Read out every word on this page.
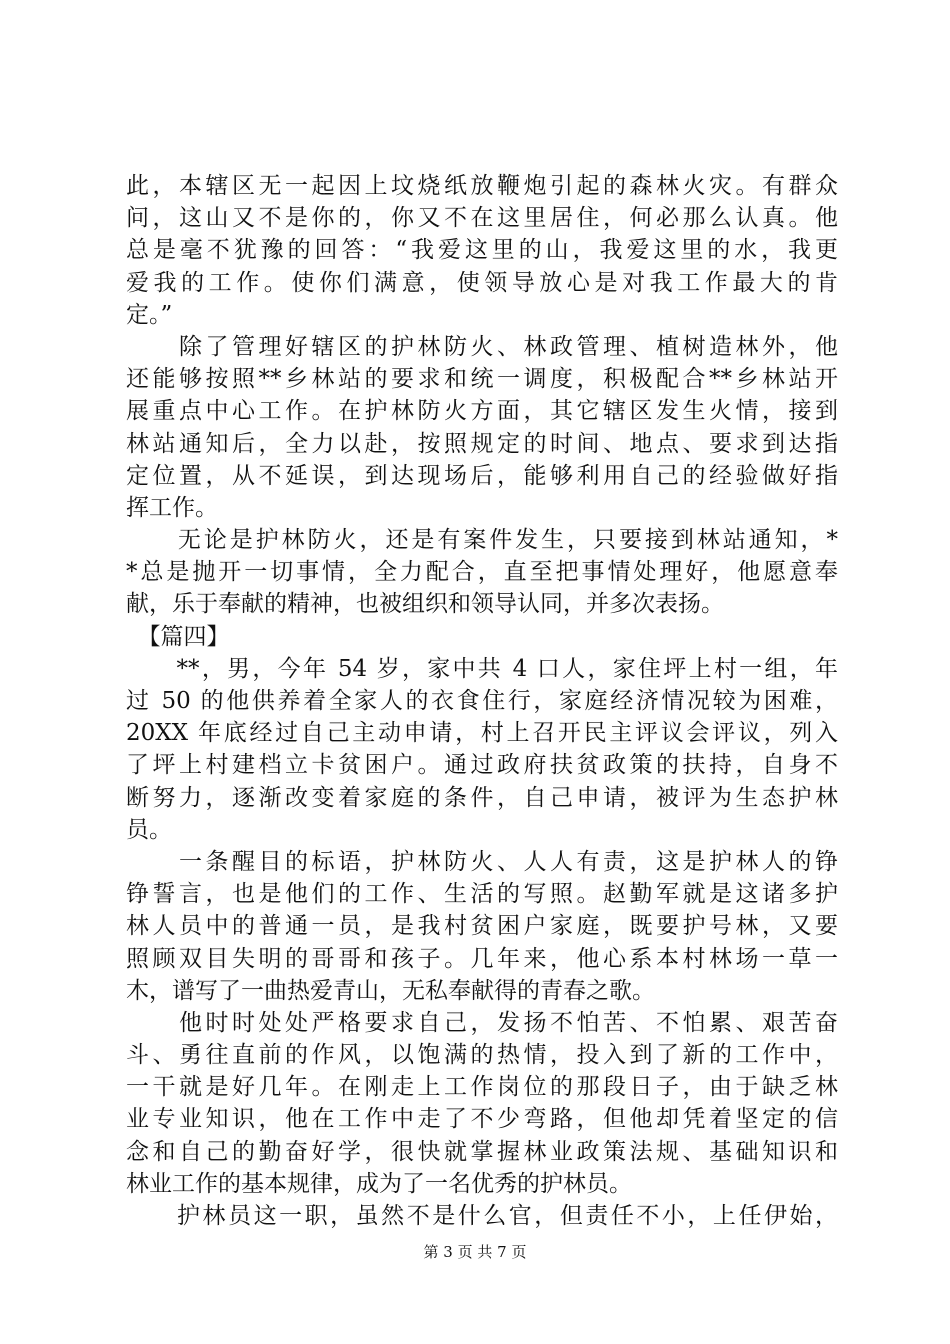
此，本辖区无一起因上坟烧纸放鞭炮引起的森林火灾。有群众
问，这山又不是你的，你又不在这里居住，何必那么认真。他
总是毫不犹豫的回答：“我爱这里的山，我爱这里的水，我更
爱我的工作。使你们满意，使领导放心是对我工作最大的肯
定。”
　　除了管理好辖区的护林防火、林政管理、植树造林外，他
还能够按照**乡林站的要求和统一调度，积极配合**乡林站开
展重点中心工作。在护林防火方面，其它辖区发生火情，接到
林站通知后，全力以赴，按照规定的时间、地点、要求到达指
定位置，从不延误，到达现场后，能够利用自己的经验做好指
挥工作。
　　无论是护林防火，还是有案件发生，只要接到林站通知，*
*总是抛开一切事情，全力配合，直至把事情处理好，他愿意奉
献，乐于奉献的精神，也被组织和领导认同，并多次表扬。
　【篇四】
　　**，男，今年 54 岁，家中共 4 口人，家住坪上村一组，年
过 50 的他供养着全家人的衣食住行，家庭经济情况较为困难，
20XX 年底经过自己主动申请，村上召开民主评议会评议，列入
了坪上村建档立卡贫困户。通过政府扶贫政策的扶持，自身不
断努力，逐渐改变着家庭的条件，自己申请，被评为生态护林
员。
　　一条醒目的标语，护林防火、人人有责，这是护林人的铮
铮誓言，也是他们的工作、生活的写照。赵勤军就是这诸多护
林人员中的普通一员，是我村贫困户家庭，既要护号林，又要
照顾双目失明的哥哥和孩子。几年来，他心系本村林场一草一
木，谱写了一曲热爱青山，无私奉献得的青春之歌。
　　他时时处处严格要求自己，发扬不怕苦、不怕累、艰苦奋
斗、勇往直前的作风，以饱满的热情，投入到了新的工作中，
一干就是好几年。在刚走上工作岗位的那段日子，由于缺乏林
业专业知识，他在工作中走了不少弯路，但他却凭着坚定的信
念和自己的勤奋好学，很快就掌握林业政策法规、基础知识和
林业工作的基本规律，成为了一名优秀的护林员。
　　护林员这一职，虽然不是什么官，但责任不小，上任伊始，
第 3 页 共 7 页
